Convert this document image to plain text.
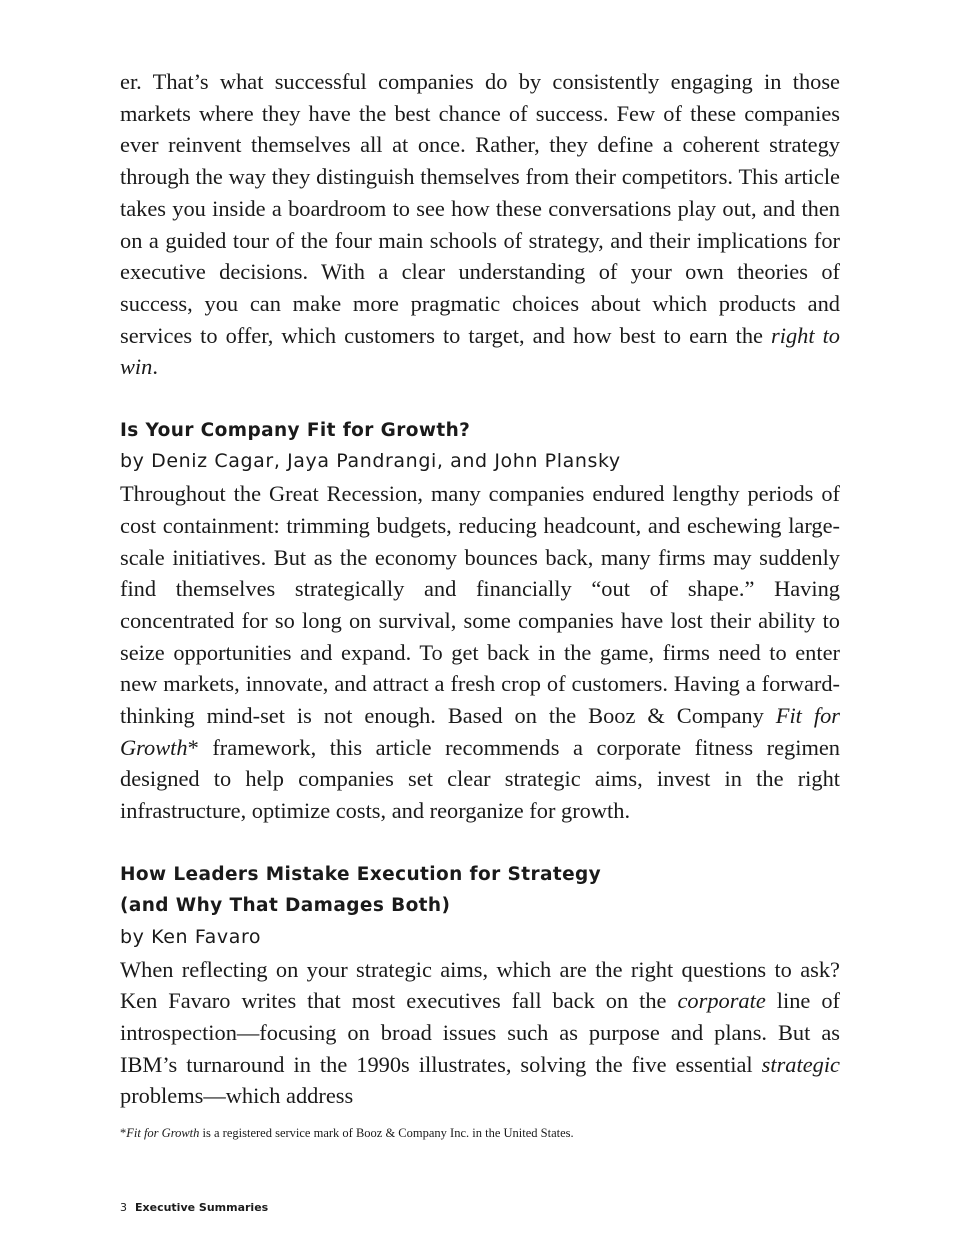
er. That’s what successful companies do by consistently engaging in those markets where they have the best chance of success. Few of these companies ever reinvent themselves all at once. Rather, they define a coherent strategy through the way they distinguish themselves from their competitors. This article takes you inside a boardroom to see how these conversations play out, and then on a guided tour of the four main schools of strategy, and their implications for executive decisions. With a clear understanding of your own theories of success, you can make more pragmatic choices about which products and services to offer, which customers to target, and how best to earn the right to win.

Is Your Company Fit for Growth?

by Deniz Cagar, Jaya Pandrangi, and John Plansky

Throughout the Great Recession, many companies endured lengthy periods of cost containment: trimming budgets, reducing headcount, and eschewing large-scale initiatives. But as the economy bounces back, many firms may suddenly find themselves strategically and financially “out of shape.” Having concentrated for so long on survival, some companies have lost their ability to seize opportunities and expand. To get back in the game, firms need to enter new markets, innovate, and attract a fresh crop of customers. Having a forward-thinking mind-set is not enough. Based on the Booz & Company Fit for Growth* framework, this article recommends a corporate fitness regimen designed to help companies set clear strategic aims, invest in the right infrastructure, optimize costs, and reorganize for growth.

How Leaders Mistake Execution for Strategy
(and Why That Damages Both)

by Ken Favaro

When reflecting on your strategic aims, which are the right questions to ask? Ken Favaro writes that most executives fall back on the corporate line of introspection—focusing on broad issues such as purpose and plans. But as IBM’s turnaround in the 1990s illustrates, solving the five essential strategic problems—which address

*Fit for Growth is a registered service mark of Booz & Company Inc. in the United States.

3 Executive Summaries
